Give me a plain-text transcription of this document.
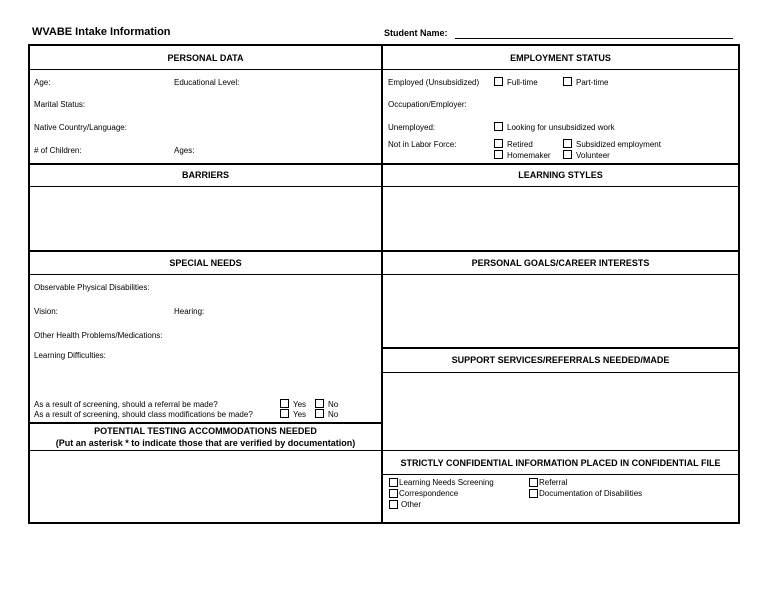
WVABE Intake Information	Student Name:
PERSONAL DATA	EMPLOYMENT STATUS
BARRIERS	LEARNING STYLES
SPECIAL NEEDS	PERSONAL GOALS/CAREER INTERESTS
SUPPORT SERVICES/REFERRALS NEEDED/MADE
POTENTIAL TESTING ACCOMMODATIONS NEEDED
(Put an asterisk * to indicate those that are verified by documentation)
STRICTLY CONFIDENTIAL INFORMATION PLACED IN CONFIDENTIAL FILE
Age:	Educational Level:
Marital Status:
Native Country/Language:
# of Children:	Ages:
Employed (Unsubsidized)	Full-time	Part-time
Occupation/Employer:
Unemployed:	Looking for unsubsidized work
Not in Labor Force:	Retired	Subsidized employment
Homemaker	Volunteer
Observable Physical Disabilities:
Vision:	Hearing:
Other Health Problems/Medications:
Learning Difficulties:
As a result of screening, should a referral be made?	Yes	No
As a result of screening, should class modifications be made?	Yes	No
Learning Needs Screening	Referral
Correspondence	Documentation of Disabilities
Other
